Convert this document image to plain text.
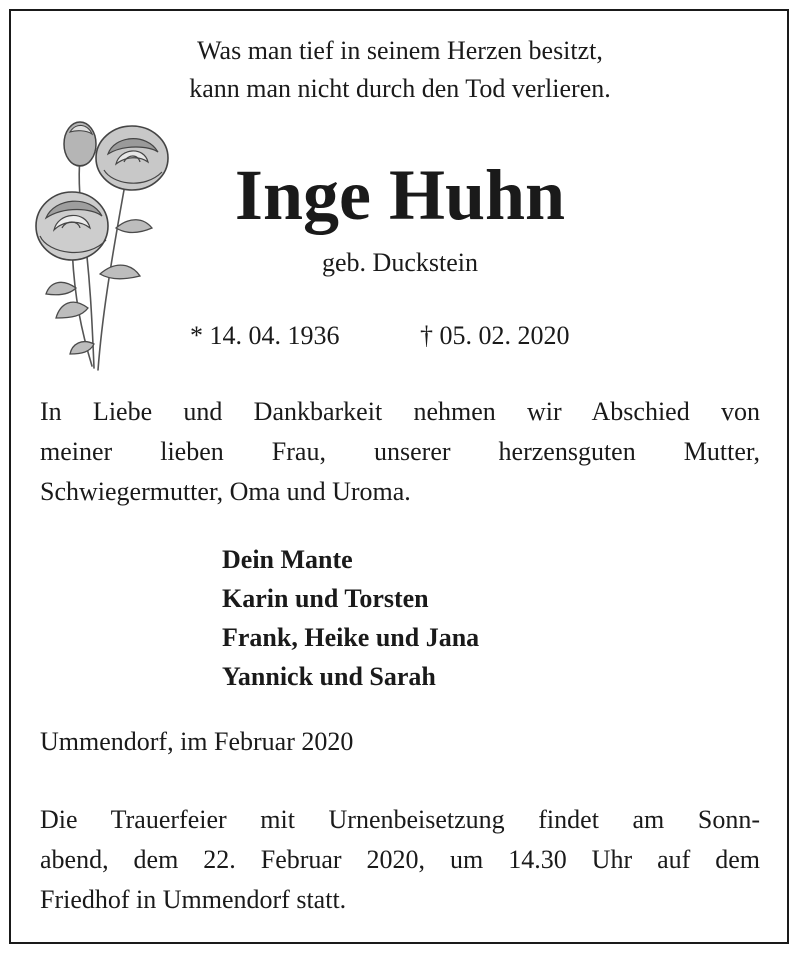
Was man tief in seinem Herzen besitzt,
kann man nicht durch den Tod verlieren.
Inge Huhn
geb. Duckstein
* 14. 04. 1936	† 05. 02. 2020
In Liebe und Dankbarkeit nehmen wir Abschied von
meiner lieben Frau, unserer herzensguten Mutter,
Schwiegermutter, Oma und Uroma.
Dein Mante
Karin und Torsten
Frank, Heike und Jana
Yannick und Sarah
Ummendorf, im Februar 2020
Die Trauerfeier mit Urnenbeisetzung findet am Sonn-
abend, dem 22. Februar 2020, um 14.30 Uhr auf dem
Friedhof in Ummendorf statt.
